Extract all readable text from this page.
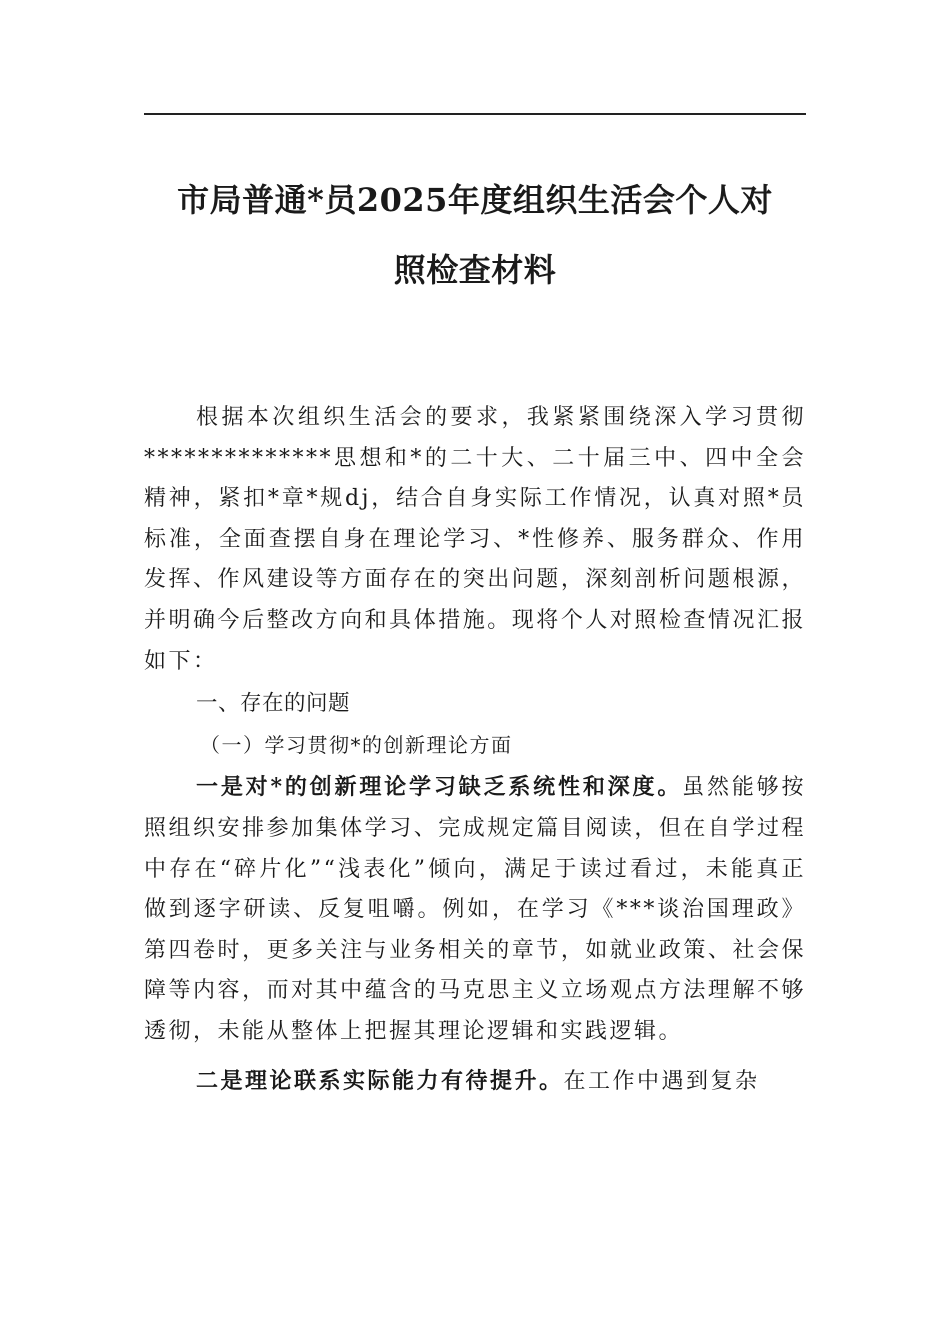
市局普通*员2025年度组织生活会个人对
照检查材料

根据本次组织生活会的要求，我紧紧围绕深入学习贯彻**************思想和*的二十大、二十届三中、四中全会精神，紧扣*章*规dj，结合自身实际工作情况，认真对照*员标准，全面查摆自身在理论学习、*性修养、服务群众、作用发挥、作风建设等方面存在的突出问题，深刻剖析问题根源，并明确今后整改方向和具体措施。现将个人对照检查情况汇报如下：

一、存在的问题

（一）学习贯彻*的创新理论方面

一是对*的创新理论学习缺乏系统性和深度。虽然能够按照组织安排参加集体学习、完成规定篇目阅读，但在自学过程中存在“碎片化”“浅表化”倾向，满足于读过看过，未能真正做到逐字研读、反复咀嚼。例如，在学习《***谈治国理政》第四卷时，更多关注与业务相关的章节，如就业政策、社会保障等内容，而对其中蕴含的马克思主义立场观点方法理解不够透彻，未能从整体上把握其理论逻辑和实践逻辑。

二是理论联系实际能力有待提升。在工作中遇到复杂
